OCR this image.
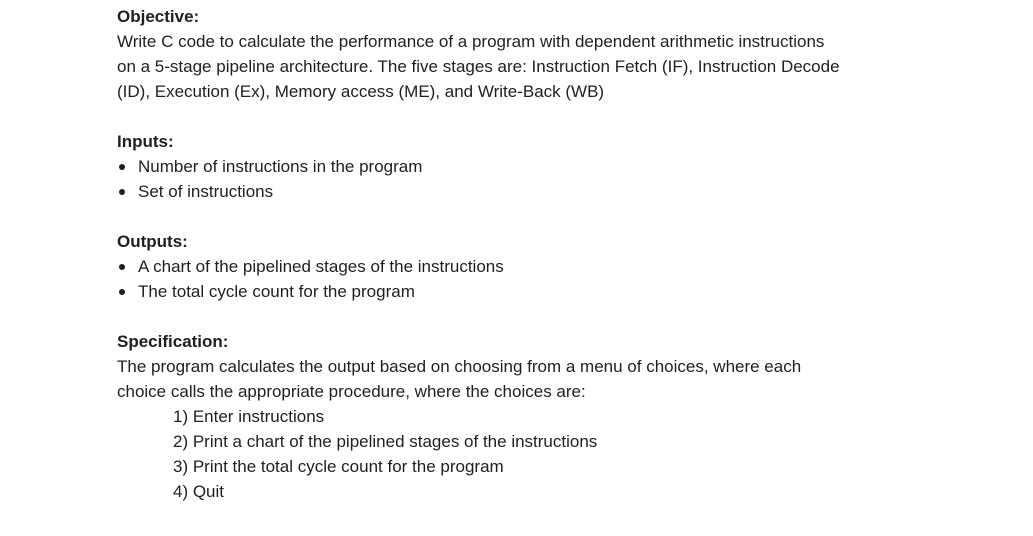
Objective:

Write C code to calculate the performance of a program with dependent arithmetic instructions

on a 5-stage pipeline architecture. The five stages are: Instruction Fetch (IF), Instruction Decode

(ID), Execution (Ex), Memory access (ME), and Write-Back (WB)

Inputs:

Number of instructions in the program
Set of instructions

Outputs:

A chart of the pipelined stages of the instructions
The total cycle count for the program

Specification:

The program calculates the output based on choosing from a menu of choices, where each

choice calls the appropriate procedure, where the choices are:

1) Enter instructions
2) Print a chart of the pipelined stages of the instructions
3) Print the total cycle count for the program
4) Quit
